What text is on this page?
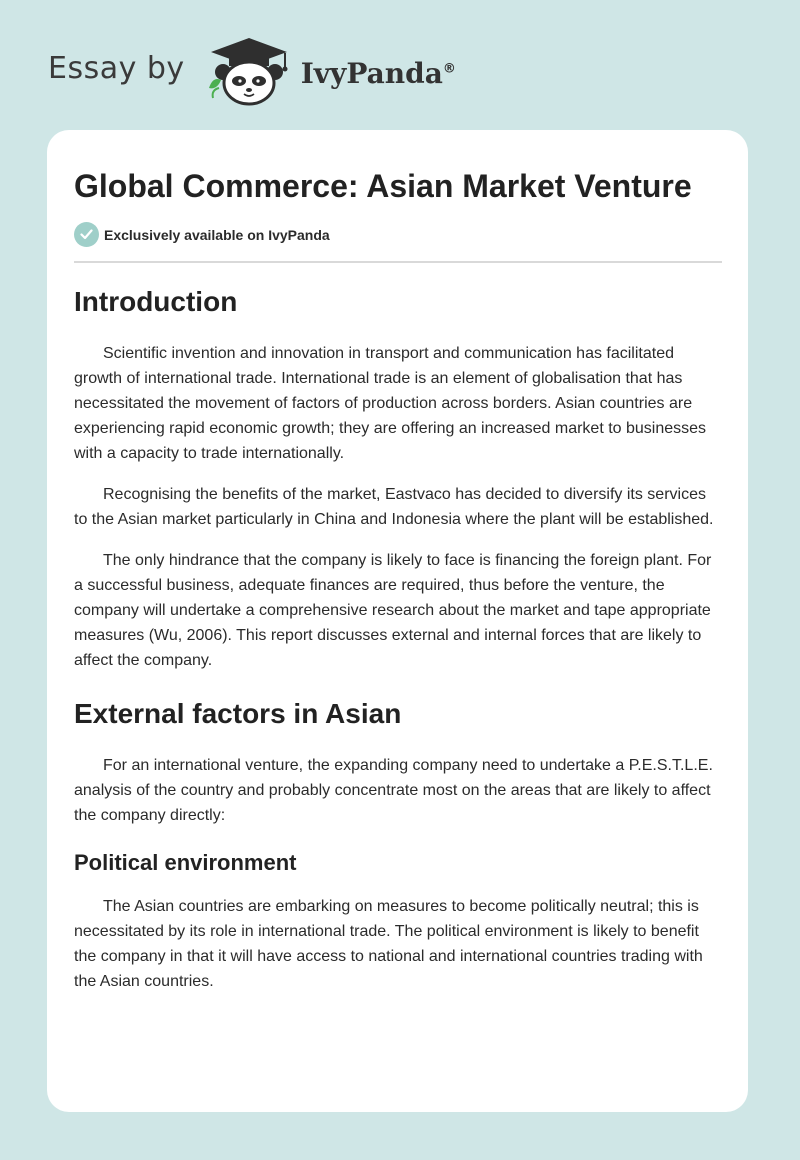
Essay by	IvyPanda®
Global Commerce: Asian Market Venture
Exclusively available on IvyPanda
Introduction

Scientific invention and innovation in transport and communication has facilitated growth of international trade. International trade is an element of globalisation that has necessitated the movement of factors of production across borders. Asian countries are experiencing rapid economic growth; they are offering an increased market to businesses with a capacity to trade internationally.

Recognising the benefits of the market, Eastvaco has decided to diversify its services to the Asian market particularly in China and Indonesia where the plant will be established.

The only hindrance that the company is likely to face is financing the foreign plant. For a successful business, adequate finances are required, thus before the venture, the company will undertake a comprehensive research about the market and tape appropriate measures (Wu, 2006). This report discusses external and internal forces that are likely to affect the company.

External factors in Asian

For an international venture, the expanding company need to undertake a P.E.S.T.L.E. analysis of the country and probably concentrate most on the areas that are likely to affect the company directly:

Political environment

The Asian countries are embarking on measures to become politically neutral; this is necessitated by its role in international trade. The political environment is likely to benefit the company in that it will have access to national and international countries trading with the Asian countries.
